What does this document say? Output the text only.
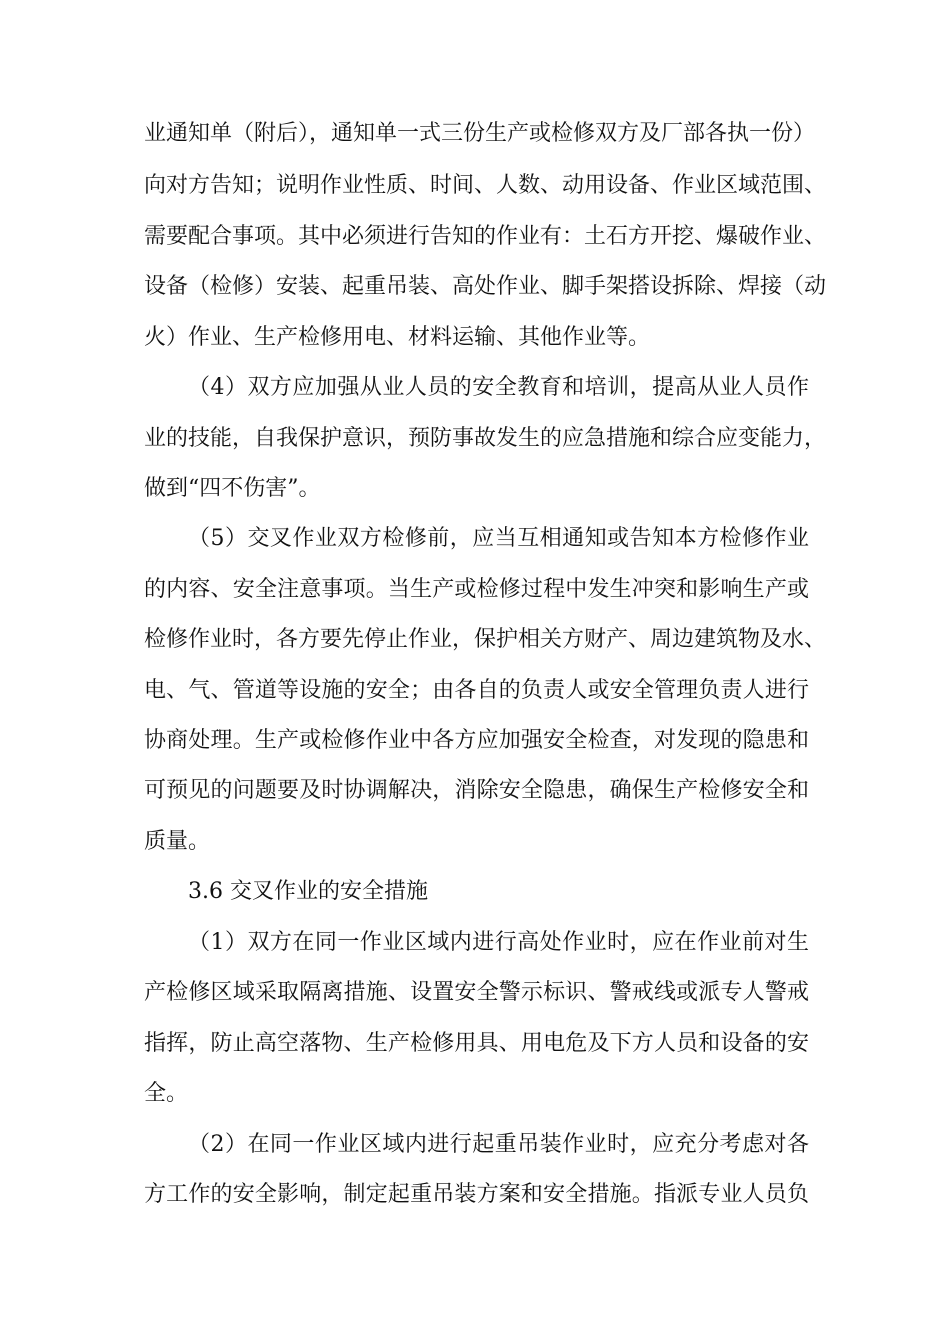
业通知单（附后），通知单一式三份生产或检修双方及厂部各执一份）
向对方告知；说明作业性质、时间、人数、动用设备、作业区域范围、
需要配合事项。其中必须进行告知的作业有：土石方开挖、爆破作业、
设备（检修）安装、起重吊装、高处作业、脚手架搭设拆除、焊接（动
火）作业、生产检修用电、材料运输、其他作业等。
（4）双方应加强从业人员的安全教育和培训，提高从业人员作
业的技能，自我保护意识，预防事故发生的应急措施和综合应变能力，
做到“四不伤害”。
（5）交叉作业双方检修前，应当互相通知或告知本方检修作业
的内容、安全注意事项。当生产或检修过程中发生冲突和影响生产或
检修作业时，各方要先停止作业，保护相关方财产、周边建筑物及水、
电、气、管道等设施的安全；由各自的负责人或安全管理负责人进行
协商处理。生产或检修作业中各方应加强安全检查，对发现的隐患和
可预见的问题要及时协调解决，消除安全隐患，确保生产检修安全和
质量。
3.6 交叉作业的安全措施
（1）双方在同一作业区域内进行高处作业时，应在作业前对生
产检修区域采取隔离措施、设置安全警示标识、警戒线或派专人警戒
指挥，防止高空落物、生产检修用具、用电危及下方人员和设备的安
全。
（2）在同一作业区域内进行起重吊装作业时，应充分考虑对各
方工作的安全影响，制定起重吊装方案和安全措施。指派专业人员负
